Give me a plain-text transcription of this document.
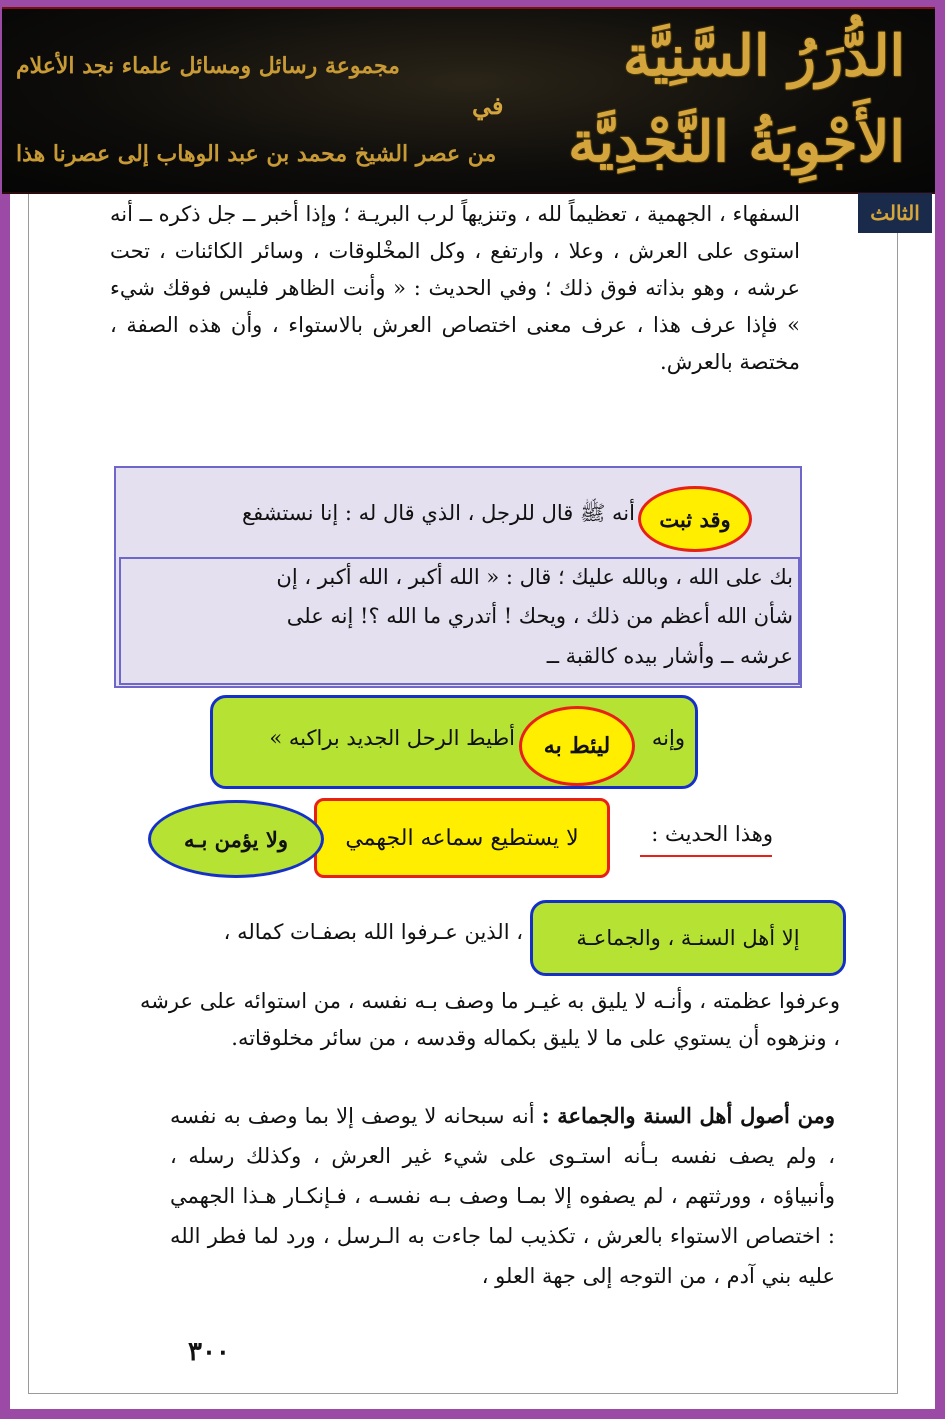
الدُّرَرُ السَّنِيَّة
في
الأَجْوِبَةُ النَّجْدِيَّة
مجموعة رسائل ومسائل علماء نجد الأعلام
من عصر الشيخ محمد بن عبد الوهاب إلى عصرنا هذا
الثالث
السفهاء ، الجهمية ، تعظيماً لله ، وتنزيهاً لرب البريـة ؛ وإذا أخبر ــ جل ذكره ــ أنه استوى على العرش ، وعلا ، وارتفع ، وكل المخْلوقات ، وسائر الكائنات ، تحت عرشه ، وهو بذاته فوق ذلك ؛ وفي الحديث : « وأنت الظاهر فليس فوقك شيء » فإذا عرف هذا ، عرف معنى اختصاص العرش بالاستواء ، وأن هذه الصفة ، مختصة بالعرش.
وقد ثبت
أنه ﷺ قال للرجل ، الذي قال له : إنا نستشفع
بك على الله ، وبالله عليك ؛ قال : « الله أكبر ، الله أكبر ، إن
شأن الله أعظم من ذلك ، ويحك ! أتدري ما الله ؟! إنه على
عرشه ــ وأشار بيده كالقبة ــ
وإنه
ليئط به
أطيط الرحل الجديد براكبه »
وهذا الحديث :
لا يستطيع سماعه الجهمي
ولا يؤمن بـه
إلا أهل السنـة ، والجماعـة
، الذين عـرفوا الله بصفـات كماله ،
وعرفوا عظمته ، وأنـه لا يليق به غيـر ما وصف بـه نفسه ، من استوائه على عرشه ، ونزهوه أن يستوي على ما لا يليق بكماله وقدسه ، من سائر مخلوقاته.
ومن أصول أهل السنة والجماعة : أنه سبحانه لا يوصف إلا بما وصف به نفسه ، ولم يصف نفسه بـأنه استـوى على شيء غير العرش ، وكذلك رسله ، وأنبياؤه ، وورثتهم ، لم يصفوه إلا بمـا وصف بـه نفسـه ، فـإنكـار هـذا الجهمي : اختصاص الاستواء بالعرش ، تكذيب لما جاءت به الـرسل ، ورد لما فطر الله عليه بني آدم ، من التوجه إلى جهة العلو ،
٣٠٠
